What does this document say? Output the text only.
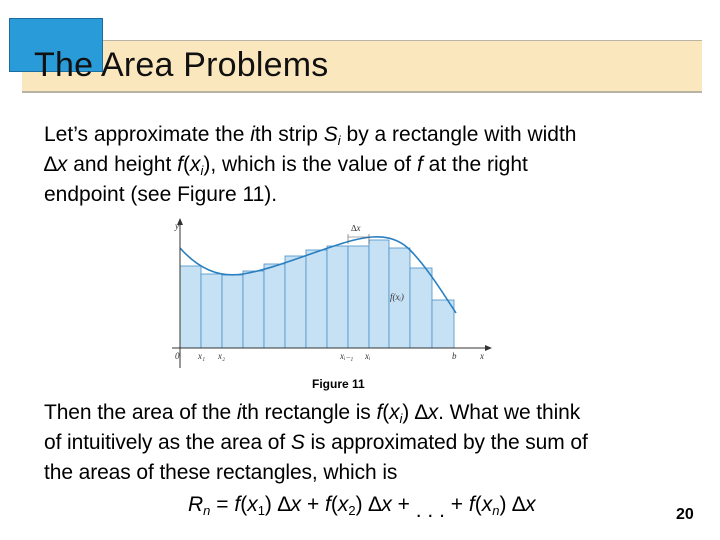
The Area Problems
Let’s approximate the ith strip $S_i$ by a rectangle with width
∆x and height $f(x_i)$, which is the value of f at the right
endpoint (see Figure 11).
y
0 x₁ x₂	xᵢ₋₁ xᵢ	b	x
∆x
f(xᵢ)
Figure 11
Then the area of the ith rectangle is $f(x_i)$ ∆x. What we think
of intuitively as the area of S is approximated by the sum of
the areas of these rectangles, which is
$R_n = f(x_1) \Delta x + f(x_2) \Delta x$ + . . . + $f(x_n)$ ∆x	20
